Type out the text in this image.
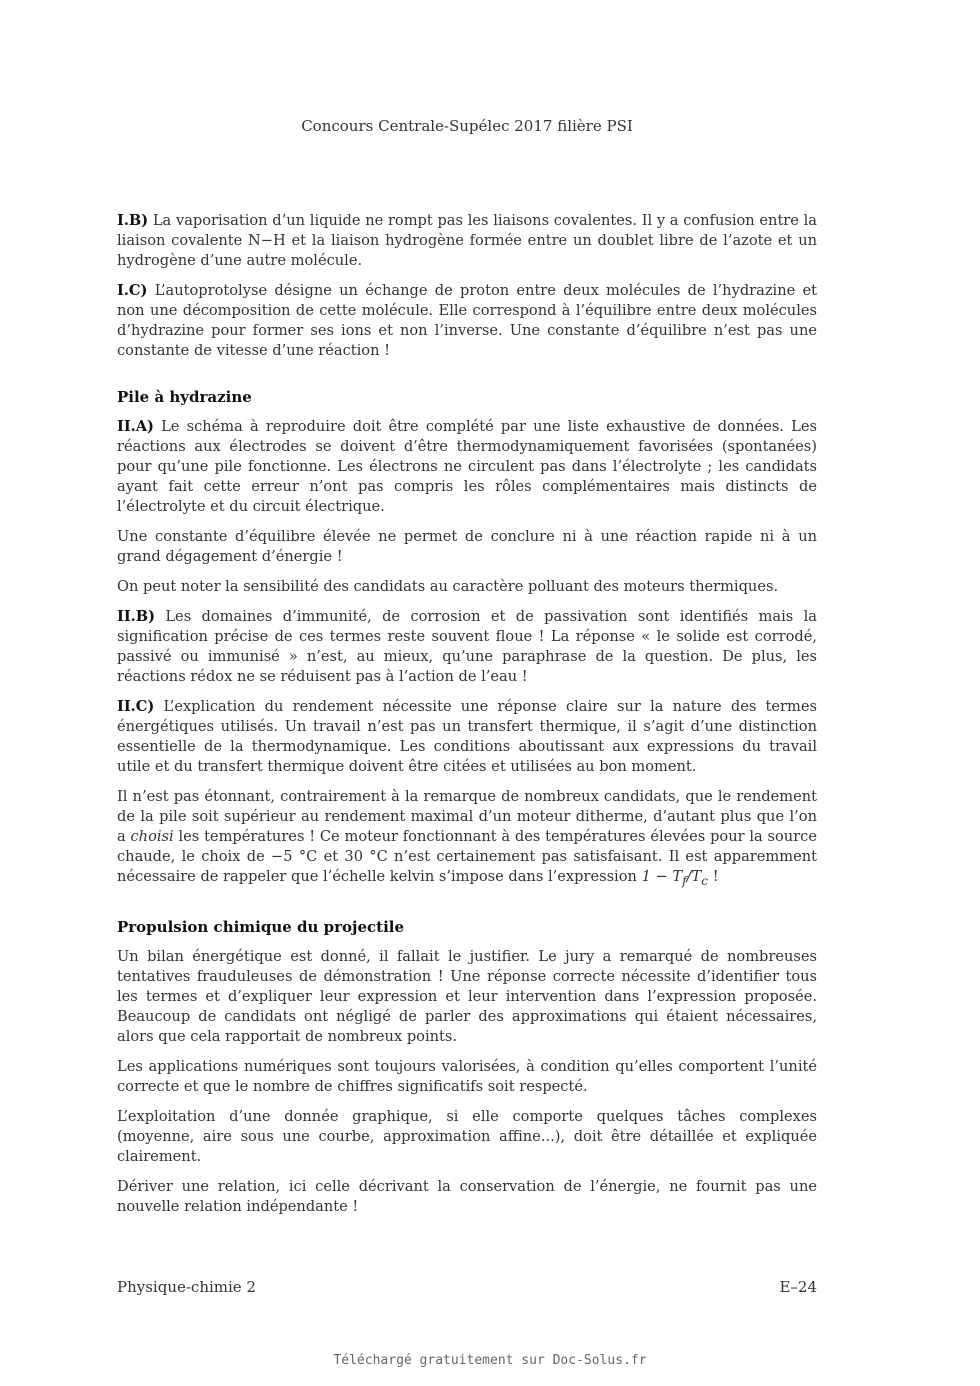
Concours Centrale-Supélec 2017 filière PSI

I.B) La vaporisation d’un liquide ne rompt pas les liaisons covalentes. Il y a confusion entre la liaison covalente N−H et la liaison hydrogène formée entre un doublet libre de l’azote et un hydrogène d’une autre molécule.

I.C) L’autoprotolyse désigne un échange de proton entre deux molécules de l’hydrazine et non une décomposition de cette molécule. Elle correspond à l’équilibre entre deux molécules d’hydrazine pour former ses ions et non l’inverse. Une constante d’équilibre n’est pas une constante de vitesse d’une réaction !

Pile à hydrazine

II.A) Le schéma à reproduire doit être complété par une liste exhaustive de données. Les réactions aux électrodes se doivent d’être thermodynamiquement favorisées (spontanées) pour qu’une pile fonctionne. Les électrons ne circulent pas dans l’électrolyte ; les candidats ayant fait cette erreur n’ont pas compris les rôles complémentaires mais distincts de l’électrolyte et du circuit électrique.

Une constante d’équilibre élevée ne permet de conclure ni à une réaction rapide ni à un grand dégagement d’énergie !

On peut noter la sensibilité des candidats au caractère polluant des moteurs thermiques.

II.B) Les domaines d’immunité, de corrosion et de passivation sont identifiés mais la signification précise de ces termes reste souvent floue ! La réponse « le solide est corrodé, passivé ou immunisé » n’est, au mieux, qu’une paraphrase de la question. De plus, les réactions rédox ne se réduisent pas à l’action de l’eau !

II.C) L’explication du rendement nécessite une réponse claire sur la nature des termes énergétiques utilisés. Un travail n’est pas un transfert thermique, il s’agit d’une distinction essentielle de la thermodynamique. Les conditions aboutissant aux expressions du travail utile et du transfert thermique doivent être citées et utilisées au bon moment.

Il n’est pas étonnant, contrairement à la remarque de nombreux candidats, que le rendement de la pile soit supérieur au rendement maximal d’un moteur ditherme, d’autant plus que l’on a choisi les températures ! Ce moteur fonctionnant à des températures élevées pour la source chaude, le choix de −5 °C et 30 °C n’est certainement pas satisfaisant. Il est apparemment nécessaire de rappeler que l’échelle kelvin s’impose dans l’expression $1 - T_f/T_c$ !

Propulsion chimique du projectile

Un bilan énergétique est donné, il fallait le justifier. Le jury a remarqué de nombreuses tentatives frauduleuses de démonstration ! Une réponse correcte nécessite d’identifier tous les termes et d’expliquer leur expression et leur intervention dans l’expression proposée. Beaucoup de candidats ont négligé de parler des approximations qui étaient nécessaires, alors que cela rapportait de nombreux points.

Les applications numériques sont toujours valorisées, à condition qu’elles comportent l’unité correcte et que le nombre de chiffres significatifs soit respecté.

L’exploitation d’une donnée graphique, si elle comporte quelques tâches complexes (moyenne, aire sous une courbe, approximation affine...), doit être détaillée et expliquée clairement.

Dériver une relation, ici celle décrivant la conservation de l’énergie, ne fournit pas une nouvelle relation indépendante !

Physique-chimie 2	E–24
Téléchargé gratuitement sur Doc-Solus.fr
